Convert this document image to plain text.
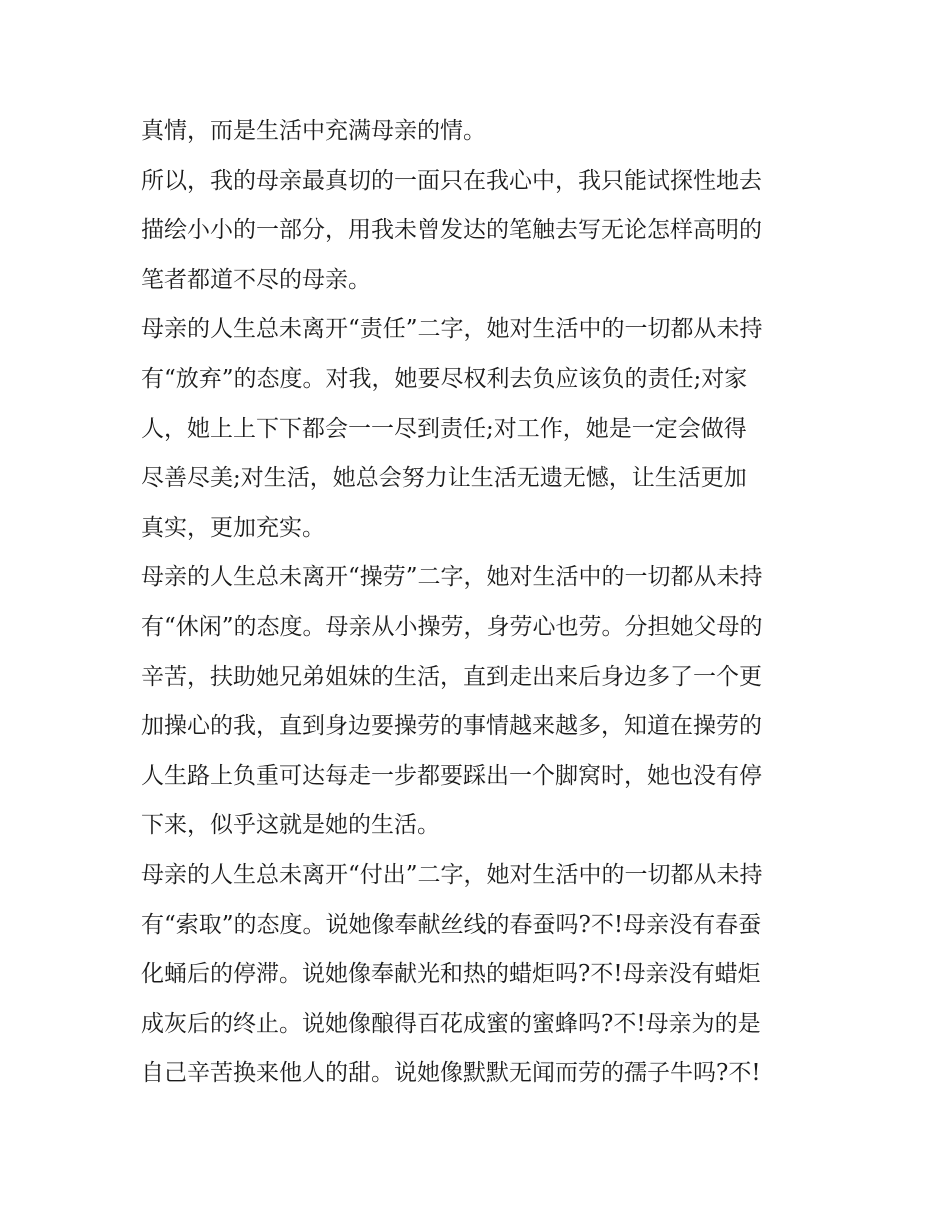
真情，而是生活中充满母亲的情。
所以，我的母亲最真切的一面只在我心中，我只能试探性地去
描绘小小的一部分，用我未曾发达的笔触去写无论怎样高明的
笔者都道不尽的母亲。
母亲的人生总未离开“责任”二字，她对生活中的一切都从未持
有“放弃”的态度。对我，她要尽权利去负应该负的责任;对家
人，她上上下下都会一一尽到责任;对工作，她是一定会做得
尽善尽美;对生活，她总会努力让生活无遗无憾，让生活更加
真实，更加充实。
母亲的人生总未离开“操劳”二字，她对生活中的一切都从未持
有“休闲”的态度。母亲从小操劳，身劳心也劳。分担她父母的
辛苦，扶助她兄弟姐妹的生活，直到走出来后身边多了一个更
加操心的我，直到身边要操劳的事情越来越多，知道在操劳的
人生路上负重可达每走一步都要踩出一个脚窝时，她也没有停
下来，似乎这就是她的生活。
母亲的人生总未离开“付出”二字，她对生活中的一切都从未持
有“索取”的态度。说她像奉献丝线的春蚕吗?不!母亲没有春蚕
化蛹后的停滞。说她像奉献光和热的蜡炬吗?不!母亲没有蜡炬
成灰后的终止。说她像酿得百花成蜜的蜜蜂吗?不!母亲为的是
自己辛苦换来他人的甜。说她像默默无闻而劳的孺子牛吗?不!
